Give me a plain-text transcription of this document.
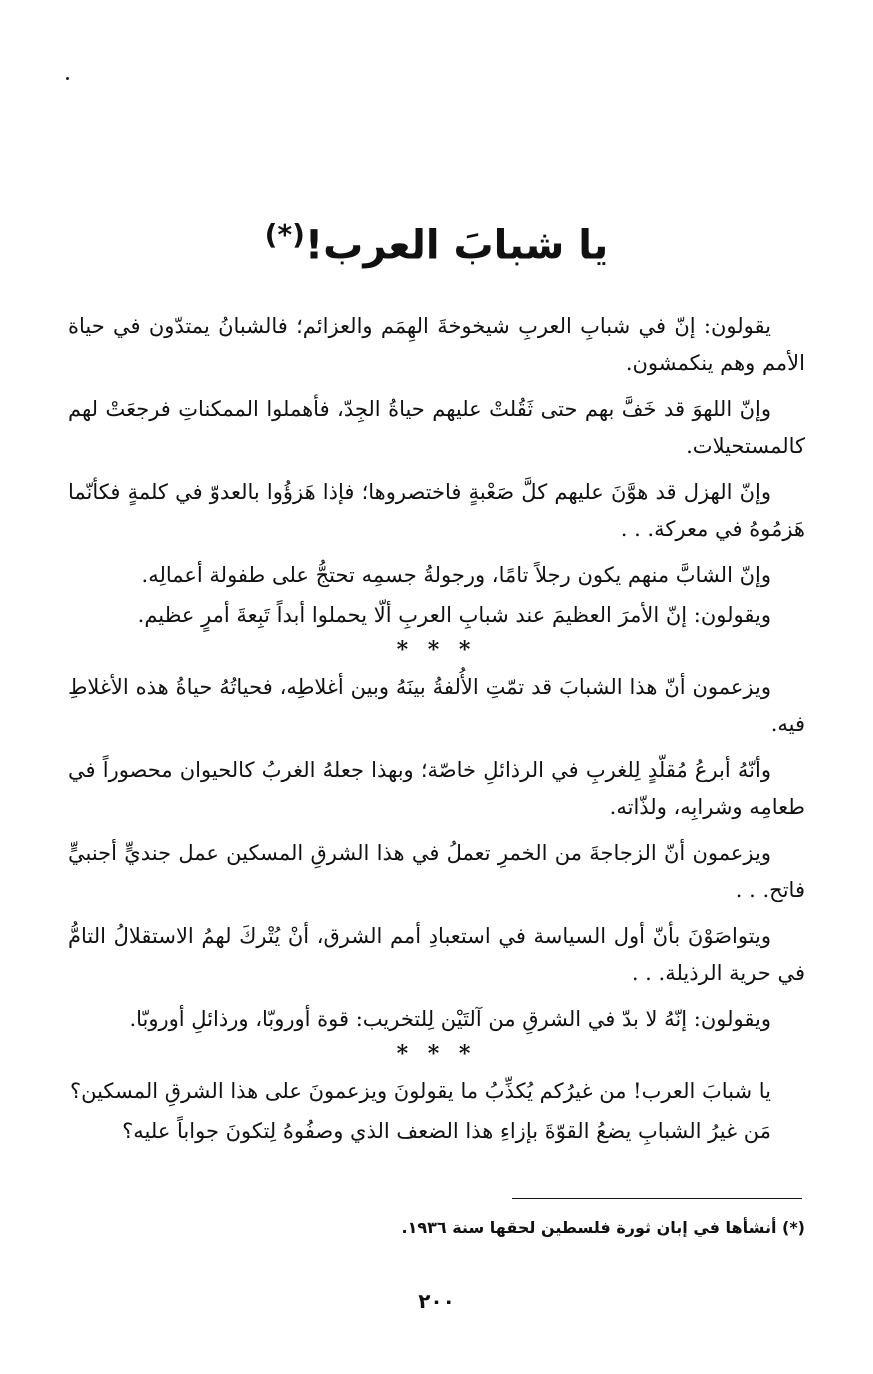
يا شبابَ العرب!(*)

يقولون: إنّ في شبابِ العربِ شيخوخةَ الهِمَم والعزائم؛ فالشبانُ يمتدّون في حياة الأمم وهم ينكمشون.

وإنّ اللهوَ قد خَفَّ بهم حتى ثَقُلتْ عليهم حياةُ الجِدّ، فأهملوا الممكناتِ فرجعَتْ لهم كالمستحيلات.

وإنّ الهزل قد هوَّنَ عليهم كلَّ صَعْبةٍ فاختصروها؛ فإذا هَزؤُوا بالعدوّ في كلمةٍ فكأنّما هَزمُوهُ في معركة. . .

وإنّ الشابَّ منهم يكون رجلاً تامًا، ورجولةُ جسمِه تحتجُّ على طفولة أعمالِه.

ويقولون: إنّ الأمرَ العظيمَ عند شبابِ العربِ ألّا يحملوا أبداً تَبِعةَ أمرٍ عظيم.

* * *

ويزعمون أنّ هذا الشبابَ قد تمّتِ الأُلفةُ بينَهُ وبين أغلاطِه، فحياتُهُ حياةُ هذه الأغلاطِ فيه.

وأنّهُ أبرعُ مُقلّدٍ لِلغربِ في الرذائلِ خاصّة؛ وبهذا جعلهُ الغربُ كالحيوان محصوراً في طعامِه وشرابِه، ولذّاته.

ويزعمون أنّ الزجاجةَ من الخمرِ تعملُ في هذا الشرقِ المسكين عمل جنديٍّ أجنبيٍّ فاتح. . .

ويتواصَوْنَ بأنّ أول السياسة في استعبادِ أمم الشرق، أنْ يُتْركَ لهمُ الاستقلالُ التامُّ في حرية الرذيلة. . .

ويقولون: إنّهُ لا بدّ في الشرقِ من آلتَيْن لِلتخريب: قوة أوروبّا، ورذائلِ أوروبّا.

* * *

يا شبابَ العرب! من غيرُكم يُكذِّبُ ما يقولونَ ويزعمونَ على هذا الشرقِ المسكين؟

مَن غيرُ الشبابِ يضعُ القوّةَ بإزاءِ هذا الضعف الذي وصفُوهُ لِتكونَ جواباً عليه؟

(*) أنشأها في إبان ثورة فلسطين لحقها سنة ١٩٣٦.
٢٠٠
